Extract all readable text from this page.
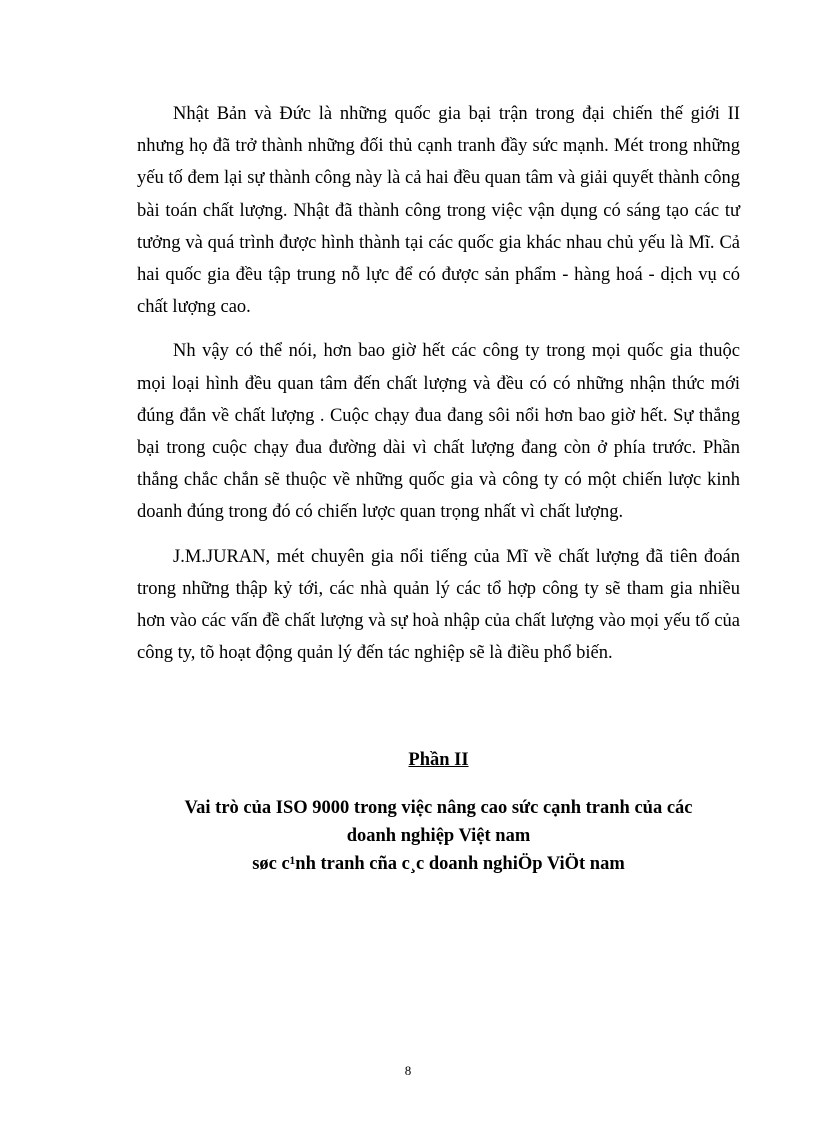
Nhật Bản và Đức là những quốc gia bại trận trong đại chiến thế giới II nhưng họ đã trở thành những đối thủ cạnh tranh đầy sức mạnh. Mét trong những yếu tố đem lại sự thành công này là cả hai đều quan tâm và giải quyết thành công bài toán chất lượng. Nhật đã thành công trong việc vận dụng có sáng tạo các tư tưởng và quá trình được hình thành tại các quốc gia khác nhau chủ yếu là Mĩ. Cả hai quốc gia đều tập trung nỗ lực để có được sản phẩm - hàng hoá - dịch vụ có chất lượng cao.

Nh vậy có thể nói, hơn bao giờ hết các công ty trong mọi quốc gia thuộc mọi loại hình đều quan tâm đến chất lượng và đều có có những nhận thức mới đúng đắn về chất lượng . Cuộc chạy đua đang sôi nổi hơn bao giờ hết. Sự thắng bại trong cuộc chạy đua đường dài vì chất lượng đang còn ở phía trước. Phần thắng chắc chắn sẽ thuộc về những quốc gia và công ty có một chiến lược kinh doanh đúng trong đó có chiến lược quan trọng nhất vì chất lượng.

J.M.JURAN, mét chuyên gia nổi tiếng của Mĩ về chất lượng đã tiên đoán trong những thập kỷ tới, các nhà quản lý các tổ hợp công ty sẽ tham gia nhiều hơn vào các vấn đề chất lượng và sự hoà nhập của chất lượng vào mọi yếu tố của công ty, tõ hoạt động quản lý đến tác nghiệp sẽ là điều phổ biến.

Phần II
Vai trò của ISO 9000 trong việc nâng cao sức cạnh tranh của các
doanh nghiệp Việt nam
søc c¹nh tranh cña c¸c doanh nghiÖp ViÖt nam
8
